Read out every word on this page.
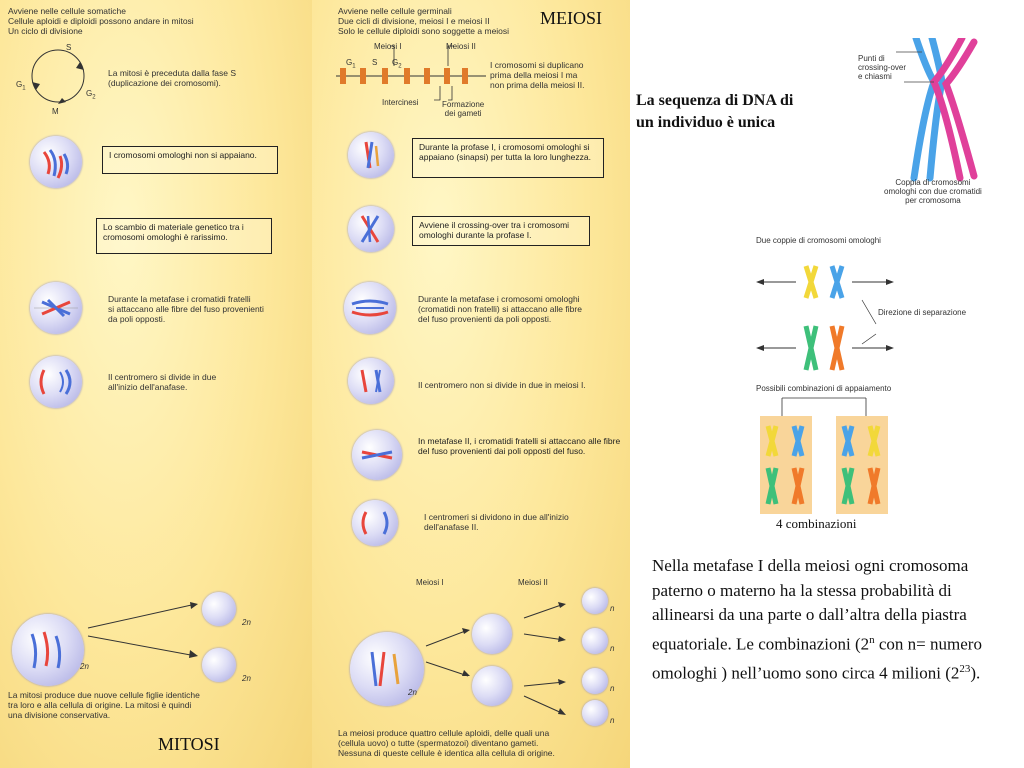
Avviene nelle cellule somatiche
Cellule aploidi e diploidi possono andare in mitosi
Un ciclo di divisione
S
$G_1$
$G_2$
M
La mitosi è preceduta dalla fase S
(duplicazione dei cromosomi).
I cromosomi omologhi non si appaiano.
Lo scambio di materiale genetico tra i cromosomi omologhi è rarissimo.
Durante la metafase i cromatidi fratelli
si attaccano alle fibre del fuso provenienti
da poli opposti.
Il centromero si divide in due
all'inizio dell'anafase.
2n
2n
2n
La mitosi produce due nuove cellule figlie identiche
tra loro e alla cellula di origine. La mitosi è quindi
una divisione conservativa.
MITOSI
Avviene nelle cellule germinali
Due cicli di divisione, meiosi I e meiosi II
Solo le cellule diploidi sono soggette a meiosi
MEIOSI
Meiosi I	Meiosi II
$G_1$ S $G_2$
Intercinesi	Formazione
dei gameti
I cromosomi si duplicano
prima della meiosi I ma
non prima della meiosi II.
Durante la profase I, i cromosomi omologhi si appaiano (sinapsi) per tutta la loro lunghezza.
Avviene il crossing-over tra i cromosomi omologhi durante la profase I.
Durante la metafase i cromosomi omologhi
(cromatidi non fratelli) si attaccano alle fibre
del fuso provenienti da poli opposti.
Il centromero non si divide in due in meiosi I.
In metafase II, i cromatidi fratelli si attaccano alle fibre del fuso provenienti dai poli opposti del fuso.
I centromeri si dividono in due all'inizio
dell'anafase II.
Meiosi I	Meiosi II
2n
n
n
n
n
La meiosi produce quattro cellule aploidi, delle quali una
(cellula uovo) o tutte (spermatozoi) diventano gameti.
Nessuna di queste cellule è identica alla cellula di origine.
La sequenza di DNA di
un individuo è unica
Punti di
crossing-over
e chiasmi
Coppia di cromosomi
omologhi con due cromatidi
per cromosoma
Due coppie di cromosomi omologhi
Direzione di separazione
Possibili combinazioni di appaiamento
4 combinazioni
Nella metafase I della meiosi ogni cromosoma paterno o materno ha la stessa probabilità di allinearsi da una parte o dall’altra della piastra equatoriale. Le combinazioni (2$^n$ con n= numero omologhi ) nell’uomo sono circa 4 milioni $(2^{23})$.
